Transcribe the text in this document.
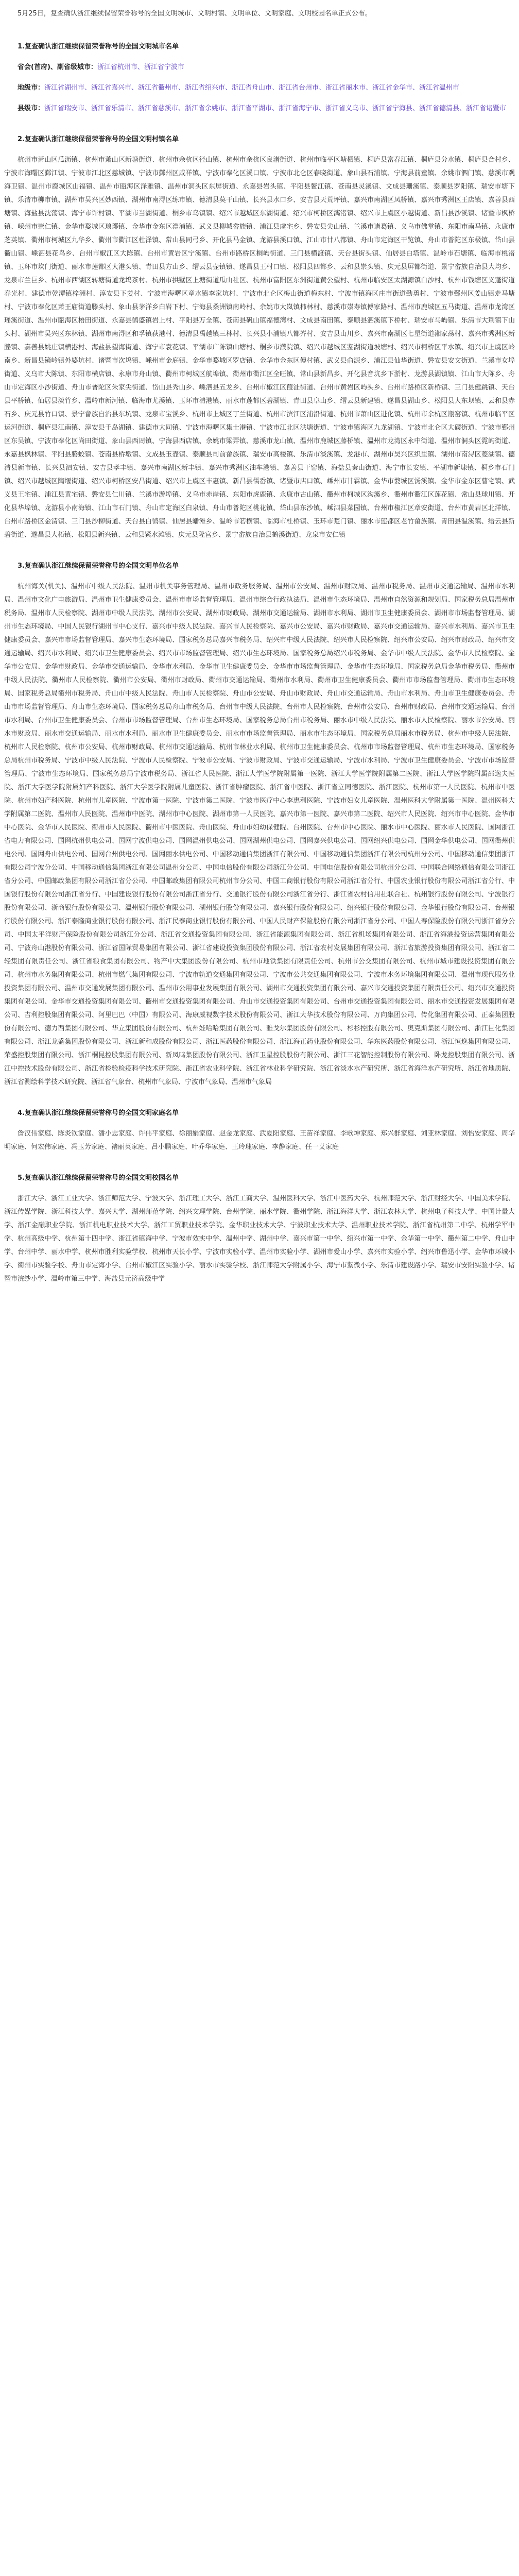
5月25日，复查确认浙江继续保留荣誉称号的全国文明城市、文明村镇、文明单位、文明家庭、文明校园名单正式公布。

1.复查确认浙江继续保留荣誉称号的全国文明城市名单

省会(首府)、副省级城市：浙江省杭州市、浙江省宁波市

地级市：浙江省湖州市、浙江省嘉兴市、浙江省衢州市、浙江省绍兴市、浙江省舟山市、浙江省台州市、浙江省丽水市、浙江省金华市、浙江省温州市

县级市：浙江省瑞安市、浙江省乐清市、浙江省慈溪市、浙江省余姚市、浙江省平湖市、浙江省海宁市、浙江省义乌市、浙江省宁海县、浙江省德清县、浙江省诸暨市

2.复查确认浙江继续保留荣誉称号的全国文明村镇名单

杭州市萧山区瓜沥镇、杭州市萧山区新塘街道、杭州市余杭区径山镇、杭州市余杭区良渚街道、杭州市临平区塘栖镇、桐庐县富春江镇、桐庐县分水镇、桐庐县合村乡、宁波市海曙区鄞江镇、宁波市江北区慈城镇、宁波市鄞州区咸祥镇、宁波市奉化区溪口镇、宁波市北仑区春晓街道、象山县石浦镇、宁海县前童镇、余姚市泗门镇、慈溪市观海卫镇、温州市鹿城区山福镇、温州市瓯海区泽雅镇、温州市洞头区东屏街道、永嘉县岩头镇、平阳县鳌江镇、苍南县灵溪镇、文成县珊溪镇、泰顺县罗阳镇、瑞安市塘下镇、乐清市柳市镇、湖州市吴兴区妙西镇、湖州市南浔区练市镇、德清县莫干山镇、长兴县水口乡、安吉县天荒坪镇、嘉兴市南湖区凤桥镇、嘉兴市秀洲区王店镇、嘉善县西塘镇、海盐县沈荡镇、海宁市许村镇、平湖市当湖街道、桐乡市乌镇镇、绍兴市越城区东湖街道、绍兴市柯桥区漓渚镇、绍兴市上虞区小越街道、新昌县沙溪镇、诸暨市枫桥镇、嵊州市崇仁镇、金华市婺城区琅琊镇、金华市金东区澧浦镇、武义县柳城畲族镇、浦江县虞宅乡、磐安县尖山镇、兰溪市诸葛镇、义乌市佛堂镇、东阳市南马镇、永康市芝英镇、衢州市柯城区九华乡、衢州市衢江区杜泽镇、常山县同弓乡、开化县马金镇、龙游县溪口镇、江山市廿八都镇、舟山市定海区干览镇、舟山市普陀区东极镇、岱山县衢山镇、嵊泗县花鸟乡、台州市椒江区大陈镇、台州市黄岩区宁溪镇、台州市路桥区桐屿街道、三门县横渡镇、天台县街头镇、仙居县白塔镇、温岭市石塘镇、临海市桃渚镇、玉环市坎门街道、丽水市莲都区大港头镇、青田县方山乡、缙云县壶镇镇、遂昌县王村口镇、松阳县四都乡、云和县崇头镇、庆元县屏都街道、景宁畲族自治县大均乡、龙泉市兰巨乡、杭州市西湖区转塘街道龙坞茶村、杭州市拱墅区上塘街道瓜山社区、杭州市富阳区东洲街道黄公望村、杭州市临安区太湖源镇白沙村、杭州市钱塘区义蓬街道春光村、建德市乾潭镇梓洲村、淳安县下姜村、宁波市海曙区章水镇李家坑村、宁波市北仑区梅山街道梅东村、宁波市镇海区庄市街道勤勇村、宁波市鄞州区姜山镇走马塘村、宁波市奉化区萧王庙街道滕头村、象山县茅洋乡白岩下村、宁海县桑洲镇南岭村、余姚市大岚镇柿林村、慈溪市崇寿镇傅家路村、温州市鹿城区五马街道、温州市龙湾区瑶溪街道、温州市瓯海区梧田街道、永嘉县鹤盛镇岩上村、平阳县万全镇、苍南县矾山镇福德湾村、文成县南田镇、泰顺县泗溪镇下桥村、瑞安市马屿镇、乐清市大荆镇下山头村、湖州市吴兴区东林镇、湖州市南浔区和孚镇荻港村、德清县禹越镇三林村、长兴县小浦镇八都岕村、安吉县山川乡、嘉兴市南湖区七星街道湘家荡村、嘉兴市秀洲区新塍镇、嘉善县姚庄镇横港村、海盐县望海街道、海宁市袁花镇、平湖市广陈镇山塘村、桐乡市濮院镇、绍兴市越城区鉴湖街道坡塘村、绍兴市柯桥区平水镇、绍兴市上虞区岭南乡、新昌县镜岭镇外婆坑村、诸暨市次坞镇、嵊州市金庭镇、金华市婺城区罗店镇、金华市金东区傅村镇、武义县俞源乡、浦江县仙华街道、磐安县安文街道、兰溪市女埠街道、义乌市大陈镇、东阳市横店镇、永康市舟山镇、衢州市柯城区航埠镇、衢州市衢江区全旺镇、常山县新昌乡、开化县音坑乡下淤村、龙游县湖镇镇、江山市大陈乡、舟山市定海区小沙街道、舟山市普陀区朱家尖街道、岱山县秀山乡、嵊泗县五龙乡、台州市椒江区葭沚街道、台州市黄岩区屿头乡、台州市路桥区新桥镇、三门县健跳镇、天台县平桥镇、仙居县淡竹乡、温岭市新河镇、临海市尤溪镇、玉环市清港镇、丽水市莲都区碧湖镇、青田县阜山乡、缙云县新建镇、遂昌县湖山乡、松阳县大东坝镇、云和县赤石乡、庆元县竹口镇、景宁畲族自治县东坑镇、龙泉市宝溪乡、杭州市上城区丁兰街道、杭州市滨江区浦沿街道、杭州市萧山区进化镇、杭州市余杭区瓶窑镇、杭州市临平区运河街道、桐庐县江南镇、淳安县千岛湖镇、建德市大同镇、宁波市海曙区集士港镇、宁波市江北区洪塘街道、宁波市镇海区九龙湖镇、宁波市北仑区大碶街道、宁波市鄞州区东吴镇、宁波市奉化区尚田街道、象山县西周镇、宁海县西店镇、余姚市梁弄镇、慈溪市龙山镇、温州市鹿城区藤桥镇、温州市龙湾区永中街道、温州市洞头区霓屿街道、永嘉县枫林镇、平阳县腾蛟镇、苍南县桥墩镇、文成县玉壶镇、泰顺县司前畲族镇、瑞安市高楼镇、乐清市淡溪镇、龙港市、湖州市吴兴区织里镇、湖州市南浔区菱湖镇、德清县新市镇、长兴县泗安镇、安吉县孝丰镇、嘉兴市南湖区新丰镇、嘉兴市秀洲区油车港镇、嘉善县干窑镇、海盐县秦山街道、海宁市长安镇、平湖市新埭镇、桐乡市石门镇、绍兴市越城区陶堰街道、绍兴市柯桥区安昌街道、绍兴市上虞区丰惠镇、新昌县儒岙镇、诸暨市店口镇、嵊州市甘霖镇、金华市婺城区汤溪镇、金华市金东区曹宅镇、武义县王宅镇、浦江县黄宅镇、磐安县仁川镇、兰溪市游埠镇、义乌市赤岸镇、东阳市虎鹿镇、永康市古山镇、衢州市柯城区沟溪乡、衢州市衢江区莲花镇、常山县球川镇、开化县华埠镇、龙游县小南海镇、江山市石门镇、舟山市定海区白泉镇、舟山市普陀区桃花镇、岱山县东沙镇、嵊泗县菜园镇、台州市椒江区章安街道、台州市黄岩区北洋镇、台州市路桥区金清镇、三门县沙柳街道、天台县白鹤镇、仙居县皤滩乡、温岭市箬横镇、临海市杜桥镇、玉环市楚门镇、丽水市莲都区老竹畲族镇、青田县温溪镇、缙云县新碧街道、遂昌县大柘镇、松阳县新兴镇、云和县紧水滩镇、庆元县隆宫乡、景宁畲族自治县鹤溪街道、龙泉市安仁镇

3.复查确认浙江继续保留荣誉称号的全国文明单位名单

杭州海关(机关)、温州市中级人民法院、温州市机关事务管理局、温州市政务服务局、温州市公安局、温州市财政局、温州市税务局、温州市交通运输局、温州市水利局、温州市文化广电旅游局、温州市卫生健康委员会、温州市市场监督管理局、温州市综合行政执法局、温州市生态环境局、温州市自然资源和规划局、国家税务总局温州市税务局、温州市人民检察院、湖州市中级人民法院、湖州市公安局、湖州市财政局、湖州市交通运输局、湖州市水利局、湖州市卫生健康委员会、湖州市市场监督管理局、湖州市生态环境局、中国人民银行湖州市中心支行、嘉兴市中级人民法院、嘉兴市人民检察院、嘉兴市公安局、嘉兴市财政局、嘉兴市交通运输局、嘉兴市水利局、嘉兴市卫生健康委员会、嘉兴市市场监督管理局、嘉兴市生态环境局、国家税务总局嘉兴市税务局、绍兴市中级人民法院、绍兴市人民检察院、绍兴市公安局、绍兴市财政局、绍兴市交通运输局、绍兴市水利局、绍兴市卫生健康委员会、绍兴市市场监督管理局、绍兴市生态环境局、国家税务总局绍兴市税务局、金华市中级人民法院、金华市人民检察院、金华市公安局、金华市财政局、金华市交通运输局、金华市水利局、金华市卫生健康委员会、金华市市场监督管理局、金华市生态环境局、国家税务总局金华市税务局、衢州市中级人民法院、衢州市人民检察院、衢州市公安局、衢州市财政局、衢州市交通运输局、衢州市水利局、衢州市卫生健康委员会、衢州市市场监督管理局、衢州市生态环境局、国家税务总局衢州市税务局、舟山市中级人民法院、舟山市人民检察院、舟山市公安局、舟山市财政局、舟山市交通运输局、舟山市水利局、舟山市卫生健康委员会、舟山市市场监督管理局、舟山市生态环境局、国家税务总局舟山市税务局、台州市中级人民法院、台州市人民检察院、台州市公安局、台州市财政局、台州市交通运输局、台州市水利局、台州市卫生健康委员会、台州市市场监督管理局、台州市生态环境局、国家税务总局台州市税务局、丽水市中级人民法院、丽水市人民检察院、丽水市公安局、丽水市财政局、丽水市交通运输局、丽水市水利局、丽水市卫生健康委员会、丽水市市场监督管理局、丽水市生态环境局、国家税务总局丽水市税务局、杭州市中级人民法院、杭州市人民检察院、杭州市公安局、杭州市财政局、杭州市交通运输局、杭州市林业水利局、杭州市卫生健康委员会、杭州市市场监督管理局、杭州市生态环境局、国家税务总局杭州市税务局、宁波市中级人民法院、宁波市人民检察院、宁波市公安局、宁波市财政局、宁波市交通运输局、宁波市水利局、宁波市卫生健康委员会、宁波市市场监督管理局、宁波市生态环境局、国家税务总局宁波市税务局、浙江省人民医院、浙江大学医学院附属第一医院、浙江大学医学院附属第二医院、浙江大学医学院附属邵逸夫医院、浙江大学医学院附属妇产科医院、浙江大学医学院附属儿童医院、浙江省肿瘤医院、浙江省中医院、浙江省立同德医院、浙江医院、杭州市第一人民医院、杭州市中医院、杭州市妇产科医院、杭州市儿童医院、宁波市第一医院、宁波市第二医院、宁波市医疗中心李惠利医院、宁波市妇女儿童医院、温州医科大学附属第一医院、温州医科大学附属第二医院、温州市人民医院、温州市中医院、湖州市中心医院、湖州市第一人民医院、嘉兴市第一医院、嘉兴市第二医院、绍兴市人民医院、绍兴市中心医院、金华市中心医院、金华市人民医院、衢州市人民医院、衢州市中医医院、舟山医院、舟山市妇幼保健院、台州医院、台州市中心医院、丽水市中心医院、丽水市人民医院、国网浙江省电力有限公司、国网杭州供电公司、国网宁波供电公司、国网温州供电公司、国网湖州供电公司、国网嘉兴供电公司、国网绍兴供电公司、国网金华供电公司、国网衢州供电公司、国网舟山供电公司、国网台州供电公司、国网丽水供电公司、中国移动通信集团浙江有限公司、中国移动通信集团浙江有限公司杭州分公司、中国移动通信集团浙江有限公司宁波分公司、中国移动通信集团浙江有限公司温州分公司、中国电信股份有限公司浙江分公司、中国电信股份有限公司杭州分公司、中国联合网络通信有限公司浙江省分公司、中国邮政集团有限公司浙江省分公司、中国邮政集团有限公司杭州市分公司、中国工商银行股份有限公司浙江省分行、中国农业银行股份有限公司浙江省分行、中国银行股份有限公司浙江省分行、中国建设银行股份有限公司浙江省分行、交通银行股份有限公司浙江省分行、浙江省农村信用社联合社、杭州银行股份有限公司、宁波银行股份有限公司、浙商银行股份有限公司、温州银行股份有限公司、湖州银行股份有限公司、嘉兴银行股份有限公司、绍兴银行股份有限公司、金华银行股份有限公司、台州银行股份有限公司、浙江泰隆商业银行股份有限公司、浙江民泰商业银行股份有限公司、中国人民财产保险股份有限公司浙江省分公司、中国人寿保险股份有限公司浙江省分公司、中国太平洋财产保险股份有限公司浙江分公司、浙江省交通投资集团有限公司、浙江省能源集团有限公司、浙江省机场集团有限公司、浙江省海港投资运营集团有限公司、宁波舟山港股份有限公司、浙江省国际贸易集团有限公司、浙江省建设投资集团股份有限公司、浙江省农村发展集团有限公司、浙江省旅游投资集团有限公司、浙江省二轻集团有限责任公司、浙江省粮食集团有限公司、物产中大集团股份有限公司、杭州市地铁集团有限责任公司、杭州市公交集团有限公司、杭州市城市建设投资集团有限公司、杭州市水务集团有限公司、杭州市燃气集团有限公司、宁波市轨道交通集团有限公司、宁波市公共交通集团有限公司、宁波市水务环境集团有限公司、温州市现代服务业投资集团有限公司、温州市交通发展集团有限公司、温州市公用事业发展集团有限公司、湖州市交通投资集团有限公司、嘉兴市交通投资集团有限责任公司、绍兴市交通投资集团有限公司、金华市交通投资集团有限公司、衢州市交通投资集团有限公司、舟山市交通投资集团有限公司、台州市交通投资集团有限公司、丽水市交通投资发展集团有限公司、吉利控股集团有限公司、阿里巴巴（中国）有限公司、海康威视数字技术股份有限公司、浙江大华技术股份有限公司、万向集团公司、传化集团有限公司、正泰集团股份有限公司、德力西集团有限公司、华立集团股份有限公司、杭州娃哈哈集团有限公司、雅戈尔集团股份有限公司、杉杉控股有限公司、奥克斯集团有限公司、浙江巨化集团有限公司、浙江龙盛集团股份有限公司、浙江新和成股份有限公司、浙江医药股份有限公司、浙江海正药业股份有限公司、华东医药股份有限公司、浙江恒逸集团有限公司、荣盛控股集团有限公司、浙江桐昆控股集团有限公司、新凤鸣集团股份有限公司、浙江卫星控股股份有限公司、浙江三花智能控制股份有限公司、卧龙控股集团有限公司、浙江中控技术股份有限公司、浙江省检验检疫科学技术研究院、浙江省农业科学院、浙江省林业科学研究院、浙江省淡水水产研究所、浙江省海洋水产研究所、浙江省地质院、浙江省测绘科学技术研究院、浙江省气象台、杭州市气象局、宁波市气象局、温州市气象局

4.复查确认浙江继续保留荣誉称号的全国文明家庭名单

詹汉伟家庭、陈炎钦家庭、潘小忠家庭、许伟平家庭、徐丽娟家庭、赵金龙家庭、武夏阳家庭、王苗祥家庭、李歌坤家庭、郑兴群家庭、刘亚林家庭、刘怡安家庭、周华明家庭、何宏伟家庭、冯玉芳家庭、褚丽英家庭、吕小鹏家庭、叶乔华家庭、王玲瑰家庭、李静家庭、任一艾家庭

5.复查确认浙江继续保留荣誉称号的全国文明校园名单

浙江大学、浙江工业大学、浙江师范大学、宁波大学、浙江理工大学、浙江工商大学、温州医科大学、浙江中医药大学、杭州师范大学、浙江财经大学、中国美术学院、浙江传媒学院、浙江科技大学、嘉兴大学、湖州师范学院、绍兴文理学院、台州学院、丽水学院、衢州学院、浙江海洋大学、浙江农林大学、杭州电子科技大学、中国计量大学、浙江金融职业学院、浙江机电职业技术大学、浙江工贸职业技术学院、金华职业技术大学、宁波职业技术大学、温州职业技术学院、浙江省杭州第二中学、杭州学军中学、杭州高级中学、杭州第十四中学、浙江省镇海中学、宁波市效实中学、温州中学、湖州中学、嘉兴市第一中学、绍兴市第一中学、金华第一中学、衢州第二中学、舟山中学、台州中学、丽水中学、杭州市胜利实验学校、杭州市天长小学、宁波市实验小学、温州市实验小学、湖州市爱山小学、嘉兴市实验小学、绍兴市鲁迅小学、金华市环城小学、衢州市实验学校、舟山市定海小学、台州市椒江区实验小学、丽水市实验学校、浙江师范大学附属小学、海宁市紫微小学、乐清市建设路小学、瑞安市安阳实验小学、诸暨市浣纱小学、温岭市第三中学、海盐县元济高级中学
